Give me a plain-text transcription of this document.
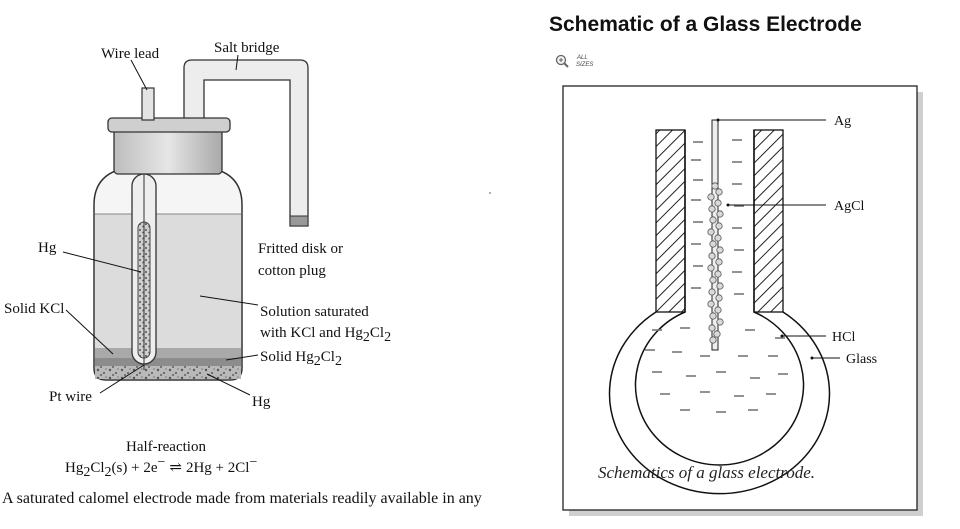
Wire lead	Salt bridge
Fritted disk or
cotton plug
Hg
Solid KCl	Solution saturated
with KCl and Hg2Cl2
Solid Hg2Cl2
Pt wire	Hg
Half-reaction
Hg2Cl2(s) + 2e− ⇌ 2Hg + 2Cl−
A saturated calomel electrode made from materials readily available in any
Schematic of a Glass Electrode
ALL
SIZES
Ag
AgCl
HCl
Glass
Schematics of a glass electrode.
